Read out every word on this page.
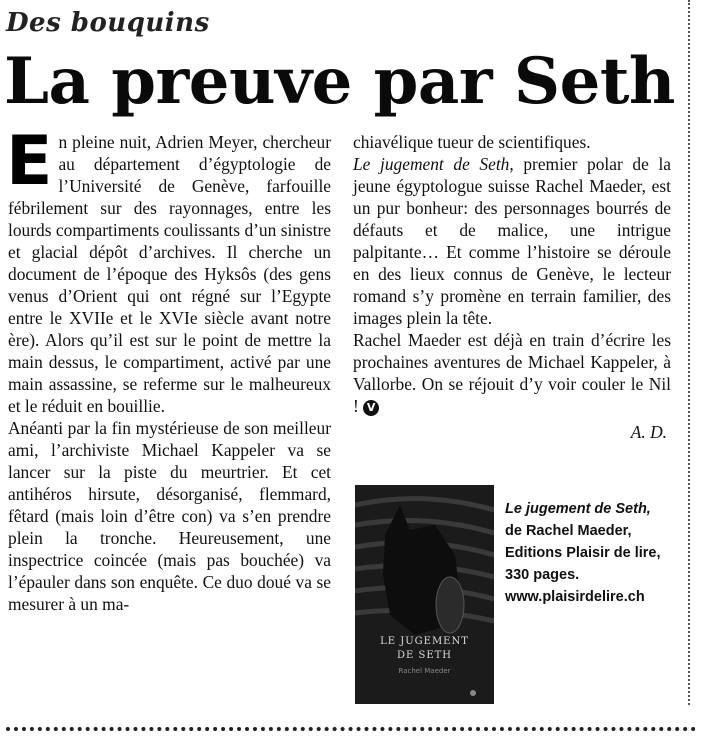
Des bouquins
La preuve par Seth

En pleine nuit, Adrien Meyer, chercheur au département d’égyptologie de l’Université de Genève, farfouille fébrilement sur des rayonnages, entre les lourds compartiments coulissants d’un sinistre et glacial dépôt d’archives. Il cherche un document de l’époque des Hyksôs (des gens venus d’Orient qui ont régné sur l’Egypte entre le XVIIe et le XVIe siècle avant notre ère). Alors qu’il est sur le point de mettre la main dessus, le compartiment, activé par une main assassine, se referme sur le malheureux et le réduit en bouillie.

Anéanti par la fin mystérieuse de son meilleur ami, l’archiviste Michael Kappeler va se lancer sur la piste du meurtrier. Et cet antihéros hirsute, désorganisé, flemmard, fêtard (mais loin d’être con) va s’en prendre plein la tronche. Heureusement, une inspectrice coincée (mais pas bouchée) va l’épauler dans son enquête. Ce duo doué va se mesurer à un ma-

chiavélique tueur de scientifiques.
Le jugement de Seth, premier polar de la jeune égyptologue suisse Rachel Maeder, est un pur bonheur: des personnages bourrés de défauts et de malice, une intrigue palpitante… Et comme l’histoire se déroule en des lieux connus de Genève, le lecteur romand s’y promène en terrain familier, des images plein la tête.

Rachel Maeder est déjà en train d’écrire les prochaines aventures de Michael Kappeler, à Vallorbe. On se réjouit d’y voir couler le Nil ! V

A. D.
LE JUGEMENT
DE SETH
Rachel Maeder
Le jugement de Seth,
de Rachel Maeder,
Editions Plaisir de lire,
330 pages.
www.plaisirdelire.ch
